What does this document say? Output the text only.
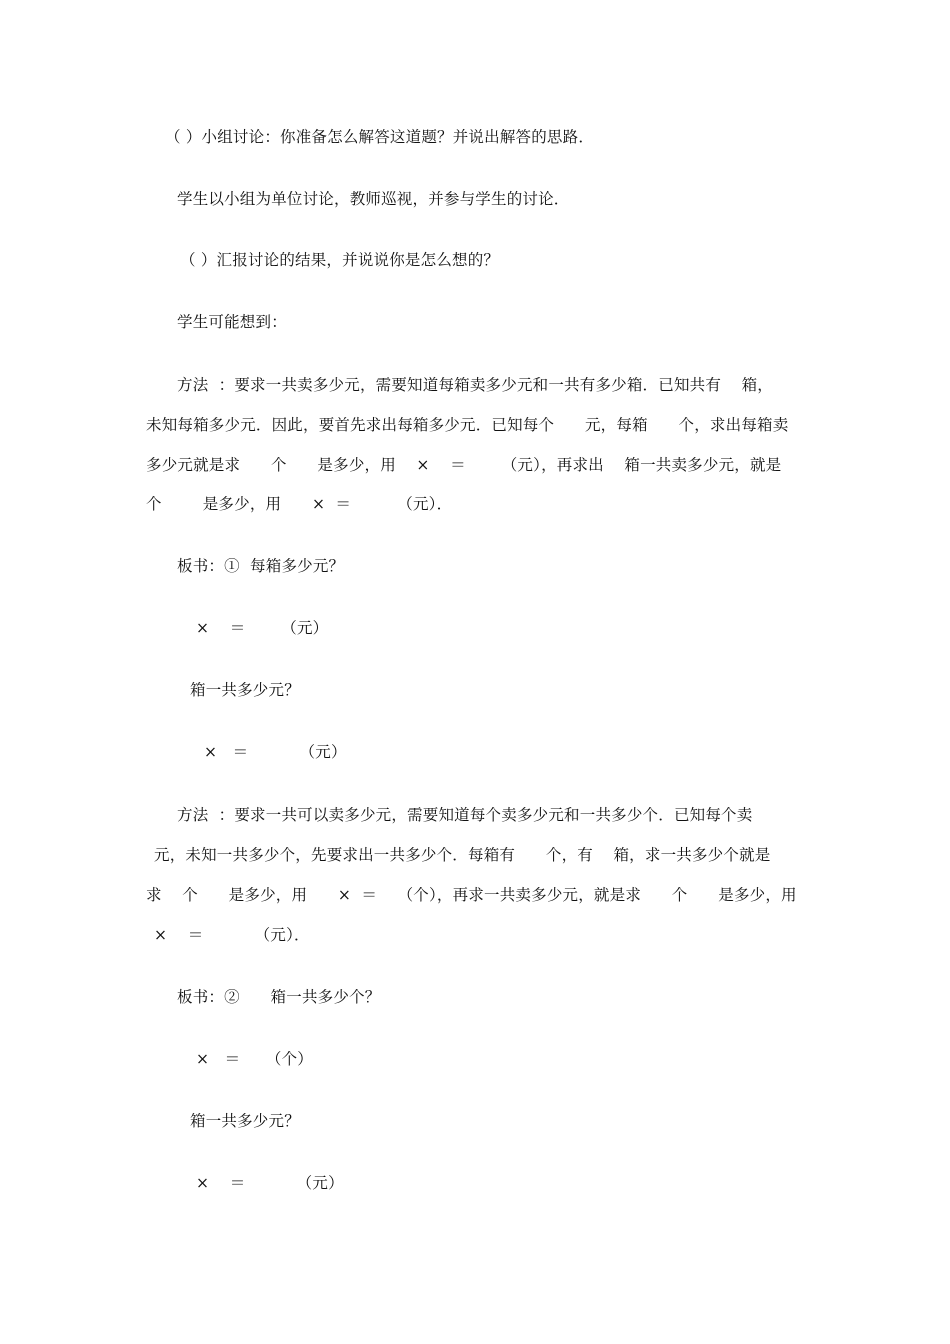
（ ）小组讨论：你准备怎么解答这道题？并说出解答的思路．
学生以小组为单位讨论，教师巡视，并参与学生的讨论．
（ ）汇报讨论的结果，并说说你是怎么想的？
学生可能想到：
方法  ：要求一共卖多少元，需要知道每箱卖多少元和一共有多少箱．已知共有    箱，
未知每箱多少元．因此，要首先求出每箱多少元．已知每个      元，每箱      个，求出每箱卖
多少元就是求      个      是多少，用    ×    ＝       （元），再求出    箱一共卖多少元，就是
个        是多少，用      ×  ＝         （元）．
板书：①  每箱多少元？
×    ＝       （元）
箱一共多少元？
×   ＝          （元）
方法  ：要求一共可以卖多少元，需要知道每个卖多少元和一共多少个．已知每个卖
元，未知一共多少个，先要求出一共多少个．每箱有      个，有    箱，求一共多少个就是
求    个      是多少，用      ×  ＝    （个），再求一共卖多少元，就是求      个      是多少，用
×    ＝          （元）．
板书：②      箱一共多少个？
×   ＝     （个）
箱一共多少元？
×    ＝          （元）
